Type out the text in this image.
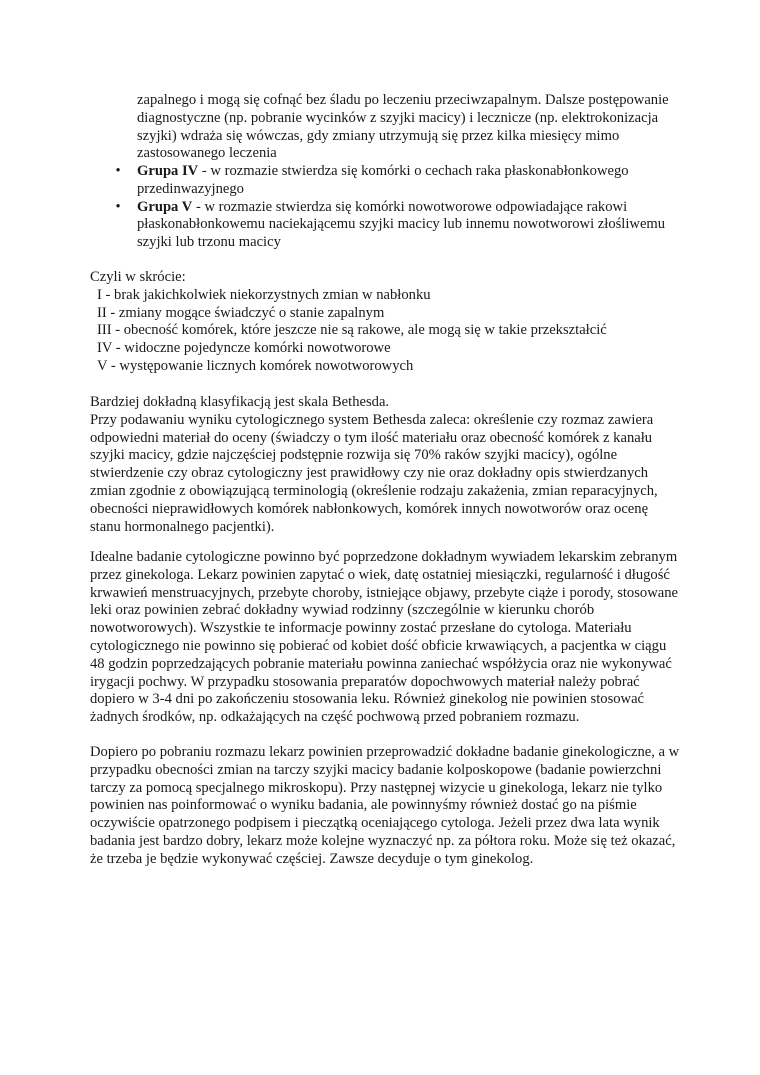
zapalnego i mogą się cofnąć bez śladu po leczeniu przeciwzapalnym. Dalsze postępowanie diagnostyczne (np. pobranie wycinków z szyjki macicy) i lecznicze (np. elektrokonizacja szyjki) wdraża się wówczas, gdy zmiany utrzymują się przez kilka miesięcy mimo zastosowanego leczenia

• Grupa IV - w rozmazie stwierdza się komórki o cechach raka płaskonabłonkowego przedinwazyjnego
• Grupa V - w rozmazie stwierdza się komórki nowotworowe odpowiadające rakowi płaskonabłonkowemu naciekającemu szyjki macicy lub innemu nowotworowi złośliwemu szyjki lub trzonu macicy
Czyli w skrócie:
I - brak jakichkolwiek niekorzystnych zmian w nabłonku
II - zmiany mogące świadczyć o stanie zapalnym
III - obecność komórek, które jeszcze nie są rakowe, ale mogą się w takie przekształcić
IV - widoczne pojedyncze komórki nowotworowe
V - występowanie licznych komórek nowotworowych

Bardziej dokładną klasyfikacją jest skala Bethesda.
Przy podawaniu wyniku cytologicznego system Bethesda zaleca: określenie czy rozmaz zawiera odpowiedni materiał do oceny (świadczy o tym ilość materiału oraz obecność komórek z kanału szyjki macicy, gdzie najczęściej podstępnie rozwija się 70% raków szyjki macicy), ogólne stwierdzenie czy obraz cytologiczny jest prawidłowy czy nie oraz dokładny opis stwierdzanych zmian zgodnie z obowiązującą terminologią (określenie rodzaju zakażenia, zmian reparacyjnych, obecności nieprawidłowych komórek nabłonkowych, komórek innych nowotworów oraz ocenę stanu hormonalnego pacjentki).

Idealne badanie cytologiczne powinno być poprzedzone dokładnym wywiadem lekarskim zebranym przez ginekologa. Lekarz powinien zapytać o wiek, datę ostatniej miesiączki, regularność i długość krwawień menstruacyjnych, przebyte choroby, istniejące objawy, przebyte ciąże i porody, stosowane leki oraz powinien zebrać dokładny wywiad rodzinny (szczególnie w kierunku chorób nowotworowych). Wszystkie te informacje powinny zostać przesłane do cytologa. Materiału cytologicznego nie powinno się pobierać od kobiet dość obficie krwawiących, a pacjentka w ciągu 48 godzin poprzedzających pobranie materiału powinna zaniechać współżycia oraz nie wykonywać irygacji pochwy. W przypadku stosowania preparatów dopochwowych materiał należy pobrać dopiero w 3-4 dni po zakończeniu stosowania leku. Również ginekolog nie powinien stosować żadnych środków, np. odkażających na część pochwową przed pobraniem rozmazu.

Dopiero po pobraniu rozmazu lekarz powinien przeprowadzić dokładne badanie ginekologiczne, a w przypadku obecności zmian na tarczy szyjki macicy badanie kolposkopowe (badanie powierzchni tarczy za pomocą specjalnego mikroskopu). Przy następnej wizycie u ginekologa, lekarz nie tylko powinien nas poinformować o wyniku badania, ale powinnyśmy również dostać go na piśmie oczywiście opatrzonego podpisem i pieczątką oceniającego cytologa. Jeżeli przez dwa lata wynik badania jest bardzo dobry, lekarz może kolejne wyznaczyć np. za półtora roku. Może się też okazać, że trzeba je będzie wykonywać częściej. Zawsze decyduje o tym ginekolog.
